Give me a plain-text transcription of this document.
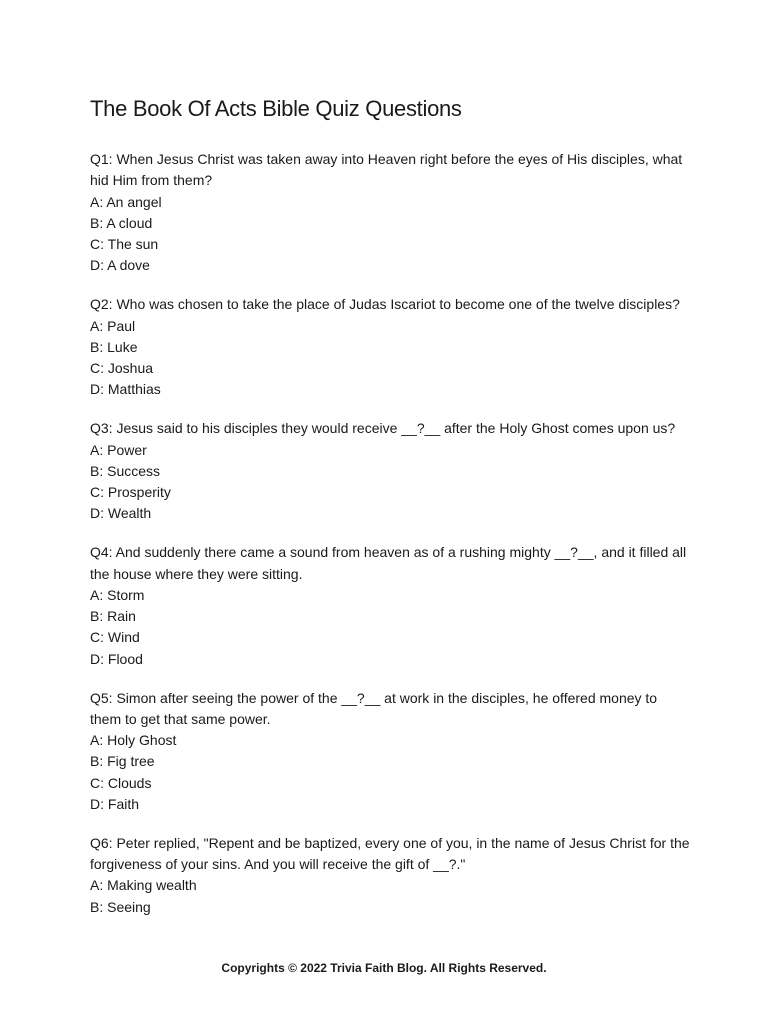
The Book Of Acts Bible Quiz Questions
Q1: When Jesus Christ was taken away into Heaven right before the eyes of His disciples, what hid Him from them?
A: An angel
B: A cloud
C: The sun
D: A dove
Q2: Who was chosen to take the place of Judas Iscariot to become one of the twelve disciples?
A: Paul
B: Luke
C: Joshua
D: Matthias
Q3: Jesus said to his disciples they would receive __?__ after the Holy Ghost comes upon us?
A: Power
B: Success
C: Prosperity
D: Wealth
Q4: And suddenly there came a sound from heaven as of a rushing mighty __?__, and it filled all the house where they were sitting.
A: Storm
B: Rain
C: Wind
D: Flood
Q5: Simon after seeing the power of the __?__ at work in the disciples, he offered money to them to get that same power.
A: Holy Ghost
B: Fig tree
C: Clouds
D: Faith
Q6: Peter replied, "Repent and be baptized, every one of you, in the name of Jesus Christ for the forgiveness of your sins. And you will receive the gift of __?."
A: Making wealth
B: Seeing
Copyrights © 2022 Trivia Faith Blog. All Rights Reserved.
